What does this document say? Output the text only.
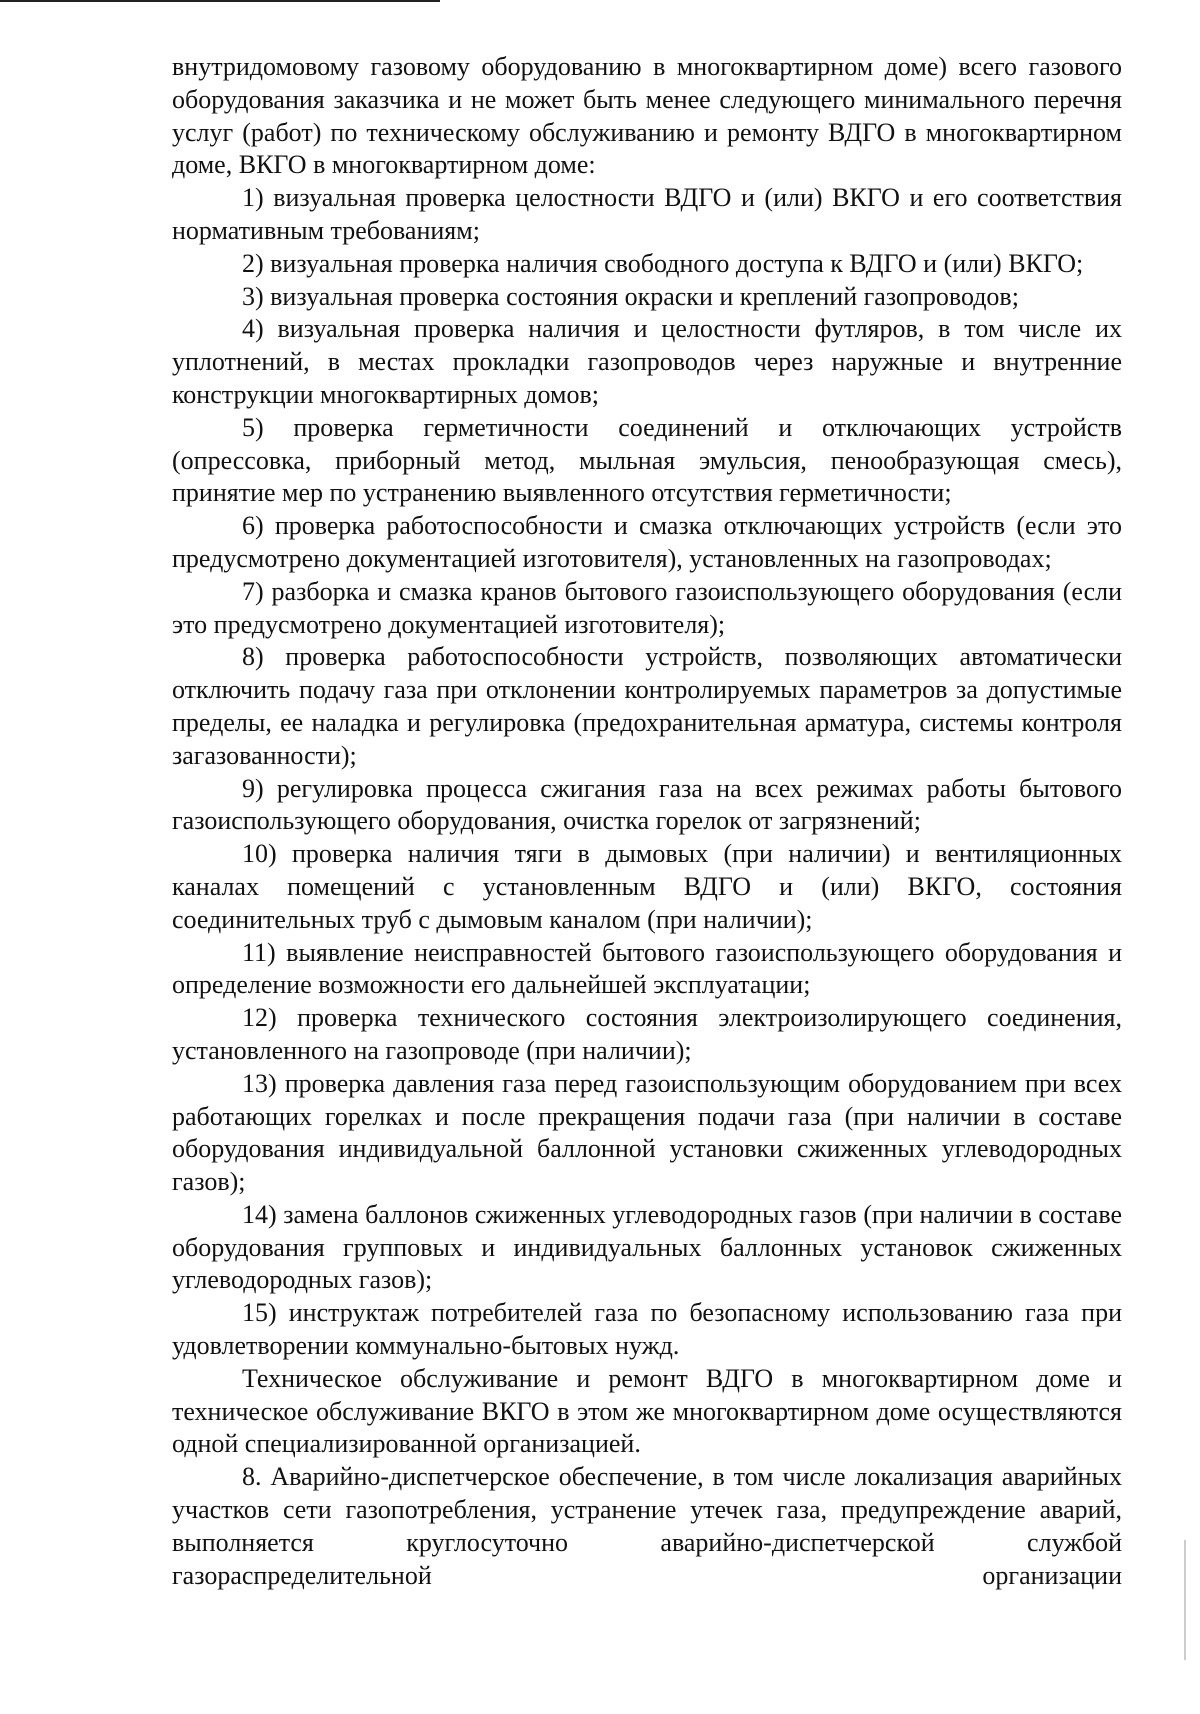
внутридомовому газовому оборудованию в многоквартирном доме) всего газового оборудования заказчика и не может быть менее следующего минимального перечня услуг (работ) по техническому обслуживанию и ремонту ВДГО в многоквартирном доме, ВКГО в многоквартирном доме:

1) визуальная проверка целостности ВДГО и (или) ВКГО и его соответствия нормативным требованиям;

2) визуальная проверка наличия свободного доступа к ВДГО и (или) ВКГО;

3) визуальная проверка состояния окраски и креплений газопроводов;

4) визуальная проверка наличия и целостности футляров, в том числе их уплотнений, в местах прокладки газопроводов через наружные и внутренние конструкции многоквартирных домов;

5) проверка герметичности соединений и отключающих устройств (опрессовка, приборный метод, мыльная эмульсия, пенообразующая смесь), принятие мер по устранению выявленного отсутствия герметичности;

6) проверка работоспособности и смазка отключающих устройств (если это предусмотрено документацией изготовителя), установленных на газопроводах;

7) разборка и смазка кранов бытового газоиспользующего оборудования (если это предусмотрено документацией изготовителя);

8) проверка работоспособности устройств, позволяющих автоматически отключить подачу газа при отклонении контролируемых параметров за допустимые пределы, ее наладка и регулировка (предохранительная арматура, системы контроля загазованности);

9) регулировка процесса сжигания газа на всех режимах работы бытового газоиспользующего оборудования, очистка горелок от загрязнений;

10) проверка наличия тяги в дымовых (при наличии) и вентиляционных каналах помещений с установленным ВДГО и (или) ВКГО, состояния соединительных труб с дымовым каналом (при наличии);

11) выявление неисправностей бытового газоиспользующего оборудования и определение возможности его дальнейшей эксплуатации;

12) проверка технического состояния электроизолирующего соединения, установленного на газопроводе (при наличии);

13) проверка давления газа перед газоиспользующим оборудованием при всех работающих горелках и после прекращения подачи газа (при наличии в составе оборудования индивидуальной баллонной установки сжиженных углеводородных газов);

14) замена баллонов сжиженных углеводородных газов (при наличии в составе оборудования групповых и индивидуальных баллонных установок сжиженных углеводородных газов);

15) инструктаж потребителей газа по безопасному использованию газа при удовлетворении коммунально-бытовых нужд.

Техническое обслуживание и ремонт ВДГО в многоквартирном доме и техническое обслуживание ВКГО в этом же многоквартирном доме осуществляются одной специализированной организацией.

8. Аварийно-диспетчерское обеспечение, в том числе локализация аварийных участков сети газопотребления, устранение утечек газа, предупреждение аварий, выполняется круглосуточно аварийно-диспетчерской службой газораспределительной организации
